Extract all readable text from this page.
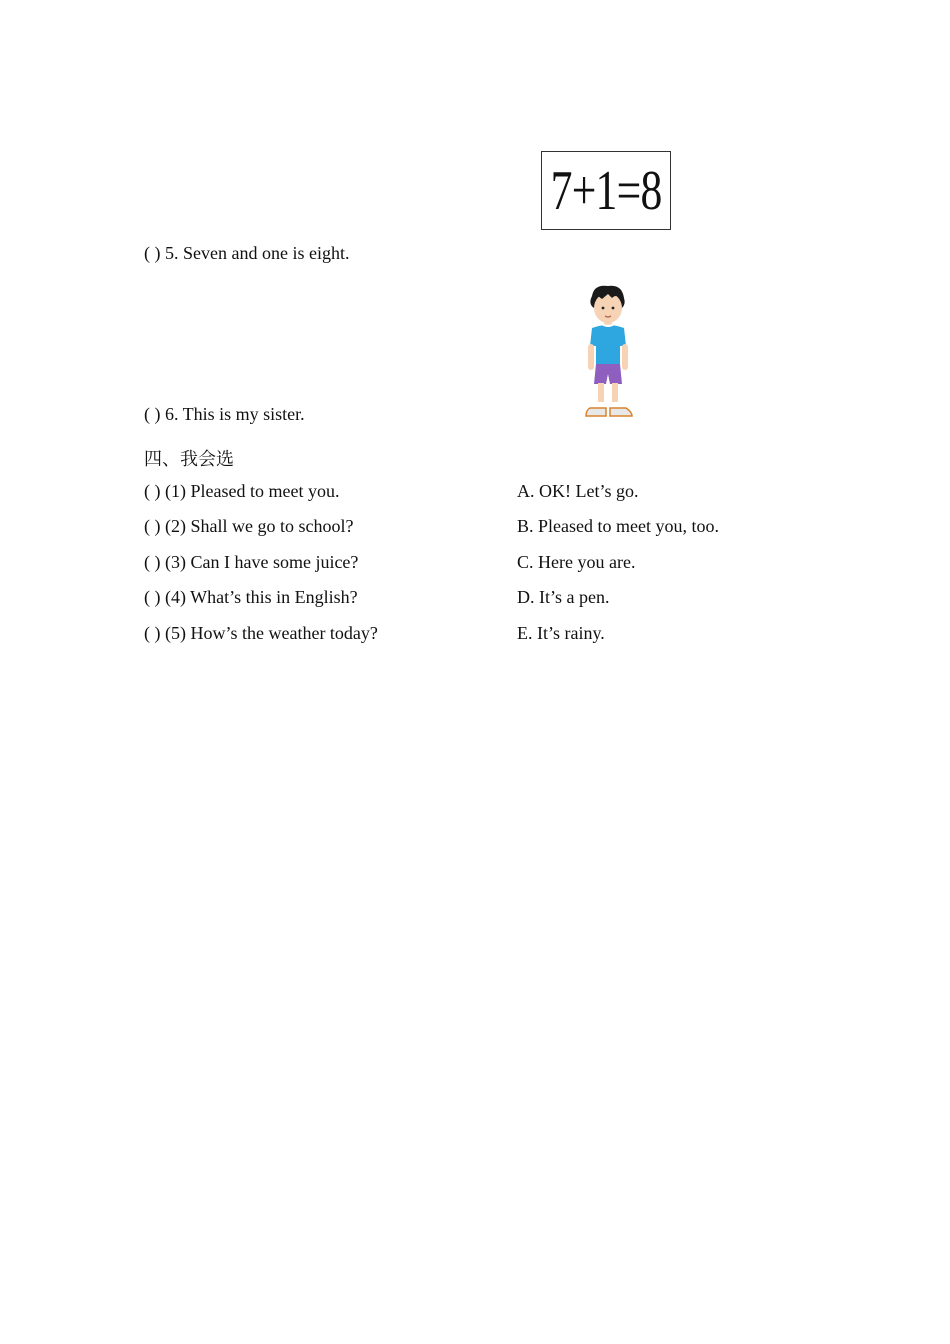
7+1=8
( ) 5. Seven and one is eight.
( ) 6. This is my sister.
四、我会选
( ) (1) Pleased to meet you.
( ) (2) Shall we go to school?
( ) (3) Can I have some juice?
( ) (4) What’s this in English?
( ) (5) How’s the weather today?
A. OK! Let’s go.
B. Pleased to meet you, too.
C. Here you are.
D. It’s a pen.
E. It’s rainy.
